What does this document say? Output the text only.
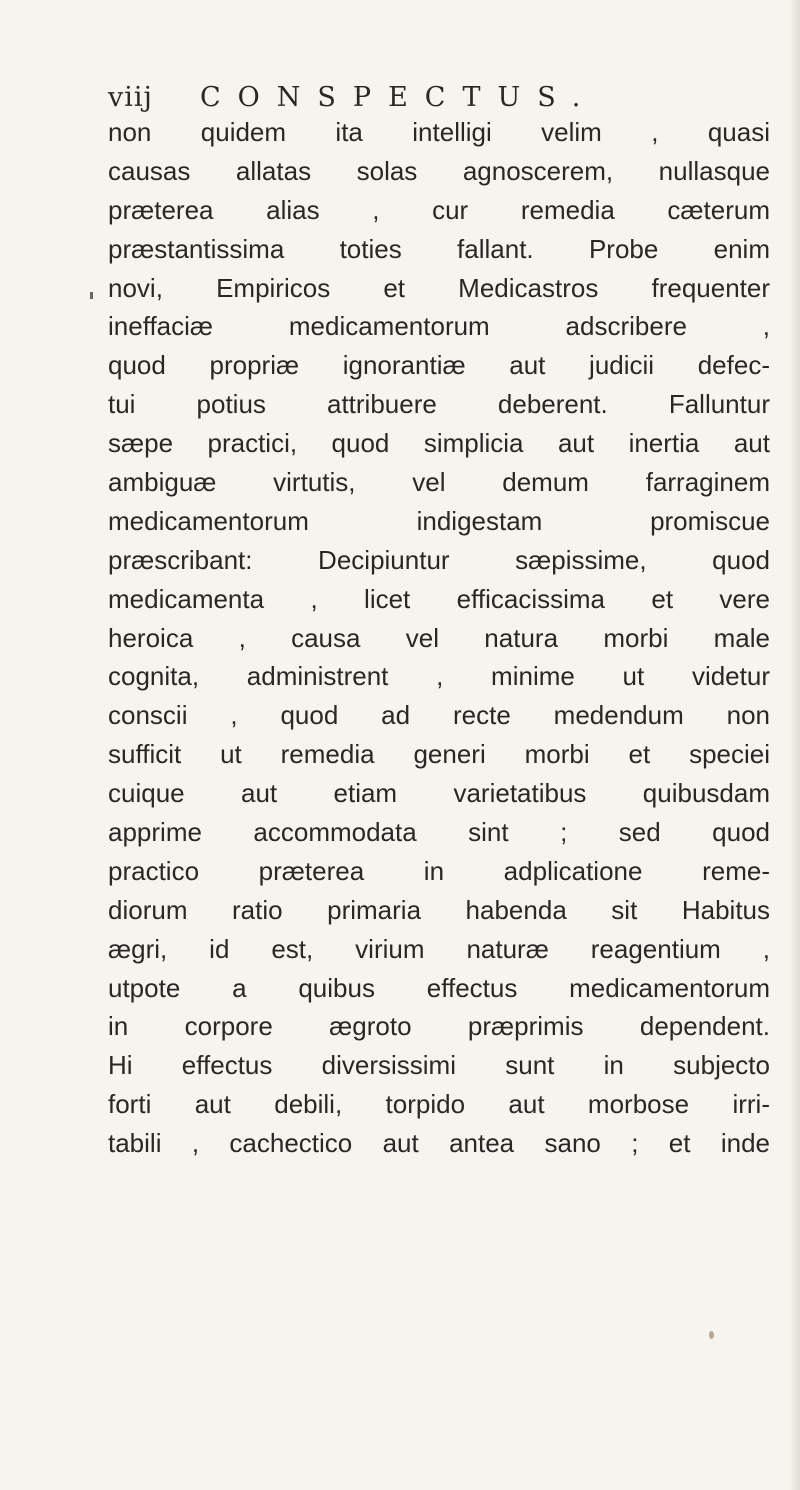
viij CONSPECTUS.
non quidem ita intelligi velim , quasi
causas allatas solas agnoscerem, nullasque
præterea alias , cur remedia cæterum
præstantissima toties fallant. Probe enim
novi, Empiricos et Medicastros frequenter
ineffaciæ medicamentorum adscribere ,
quod propriæ ignorantiæ aut judicii defec-
tui potius attribuere deberent. Falluntur
sæpe practici, quod simplicia aut inertia aut
ambiguæ virtutis, vel demum farraginem
medicamentorum indigestam promiscue
præscribant: Decipiuntur sæpissime, quod
medicamenta , licet efficacissima et vere
heroica , causa vel natura morbi male
cognita, administrent , minime ut videtur
conscii , quod ad recte medendum non
sufficit ut remedia generi morbi et speciei
cuique aut etiam varietatibus quibusdam
apprime accommodata sint ; sed quod
practico præterea in adplicatione reme-
diorum ratio primaria habenda sit Habitus
ægri, id est, virium naturæ reagentium ,
utpote a quibus effectus medicamentorum
in corpore ægroto præprimis dependent.
Hi effectus diversissimi sunt in subjecto
forti aut debili, torpido aut morbose irri-
tabili , cachectico aut antea sano ; et inde
